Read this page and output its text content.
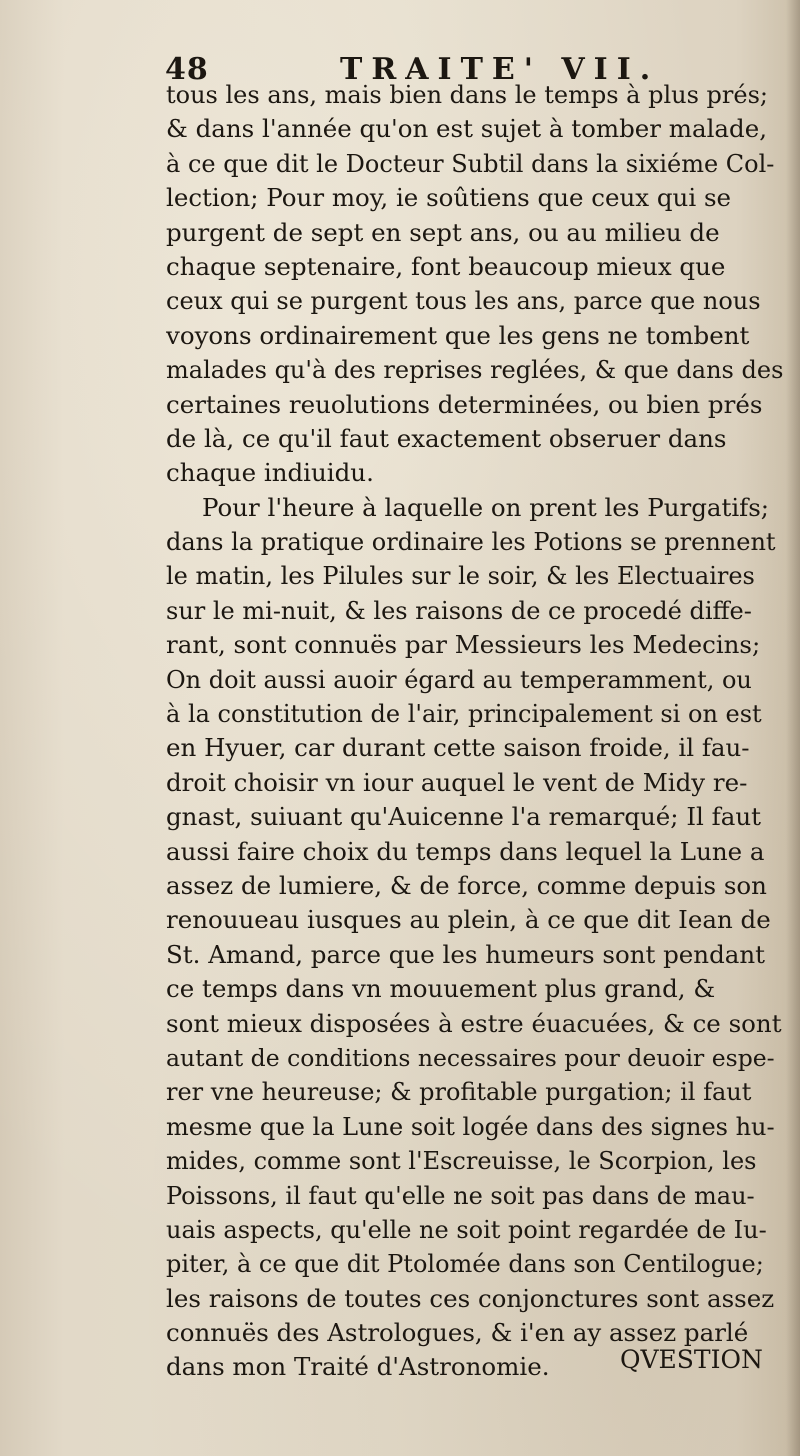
48	TRAITE' VII.
tous les ans, mais bien dans le temps à plus prés;
& dans l'année qu'on est sujet à tomber malade,
à ce que dit le Docteur Subtil dans la sixiéme Col-
lection; Pour moy, ie soûtiens que ceux qui se
purgent de sept en sept ans, ou au milieu de
chaque septenaire, font beaucoup mieux que
ceux qui se purgent tous les ans, parce que nous
voyons ordinairement que les gens ne tombent
malades qu'à des reprises reglées, & que dans des
certaines reuolutions determinées, ou bien prés
de là, ce qu'il faut exactement obseruer dans
chaque indiuidu.
Pour l'heure à laquelle on prent les Purgatifs;
dans la pratique ordinaire les Potions se prennent
le matin, les Pilules sur le soir, & les Electuaires
sur le mi-nuit, & les raisons de ce procedé diffe-
rant, sont connuës par Messieurs les Medecins;
On doit aussi auoir égard au temperamment, ou
à la constitution de l'air, principalement si on est
en Hyuer, car durant cette saison froide, il fau-
droit choisir vn iour auquel le vent de Midy re-
gnast, suiuant qu'Auicenne l'a remarqué; Il faut
aussi faire choix du temps dans lequel la Lune a
assez de lumiere, & de force, comme depuis son
renouueau iusques au plein, à ce que dit Iean de
St. Amand, parce que les humeurs sont pendant
ce temps dans vn mouuement plus grand, &
sont mieux disposées à estre éuacuées, & ce sont
autant de conditions necessaires pour deuoir espe-
rer vne heureuse; & profitable purgation; il faut
mesme que la Lune soit logée dans des signes hu-
mides, comme sont l'Escreuisse, le Scorpion, les
Poissons, il faut qu'elle ne soit pas dans de mau-
uais aspects, qu'elle ne soit point regardée de Iu-
piter, à ce que dit Ptolomée dans son Centilogue;
les raisons de toutes ces conjonctures sont assez
connuës des Astrologues, & i'en ay assez parlé
dans mon Traité d'Astronomie.	QVESTION
